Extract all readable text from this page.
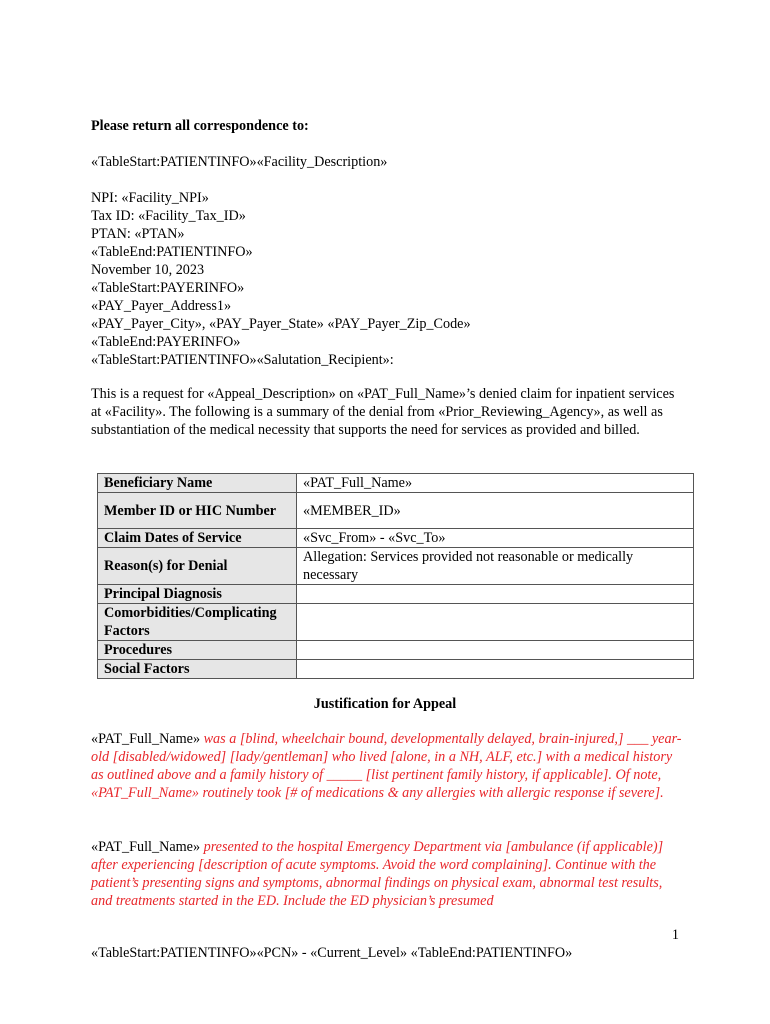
Please return all correspondence to:
«TableStart:PATIENTINFO»«Facility_Description»
NPI: «Facility_NPI»
Tax ID: «Facility_Tax_ID»
PTAN: «PTAN»
«TableEnd:PATIENTINFO»
November 10, 2023
«TableStart:PAYERINFO»
«PAY_Payer_Address1»
«PAY_Payer_City», «PAY_Payer_State» «PAY_Payer_Zip_Code»
«TableEnd:PAYERINFO»
«TableStart:PATIENTINFO»«Salutation_Recipient»:
This is a request for «Appeal_Description» on «PAT_Full_Name»’s denied claim for inpatient services at «Facility». The following is a summary of the denial from «Prior_Reviewing_Agency», as well as substantiation of the medical necessity that supports the need for services as provided and billed.
Beneficiary Name	«PAT_Full_Name»
Member ID or HIC Number	«MEMBER_ID»
Claim Dates of Service	«Svc_From» - «Svc_To»
Reason(s) for Denial	Allegation: Services provided not reasonable or medically necessary
Principal Diagnosis	
Comorbidities/Complicating Factors	
Procedures	
Social Factors	
Justification for Appeal
«PAT_Full_Name» was a [blind, wheelchair bound, developmentally delayed, brain-injured,] ___ year-old [disabled/widowed] [lady/gentleman] who lived [alone, in a NH, ALF, etc.] with a medical history as outlined above and a family history of _____ [list pertinent family history, if applicable]. Of note, «PAT_Full_Name» routinely took [# of medications & any allergies with allergic response if severe].
«PAT_Full_Name» presented to the hospital Emergency Department via [ambulance (if applicable)] after experiencing [description of acute symptoms. Avoid the word complaining]. Continue with the patient’s presenting signs and symptoms, abnormal findings on physical exam, abnormal test results, and treatments started in the ED. Include the ED physician’s presumed
1
«TableStart:PATIENTINFO»«PCN» - «Current_Level» «TableEnd:PATIENTINFO»
